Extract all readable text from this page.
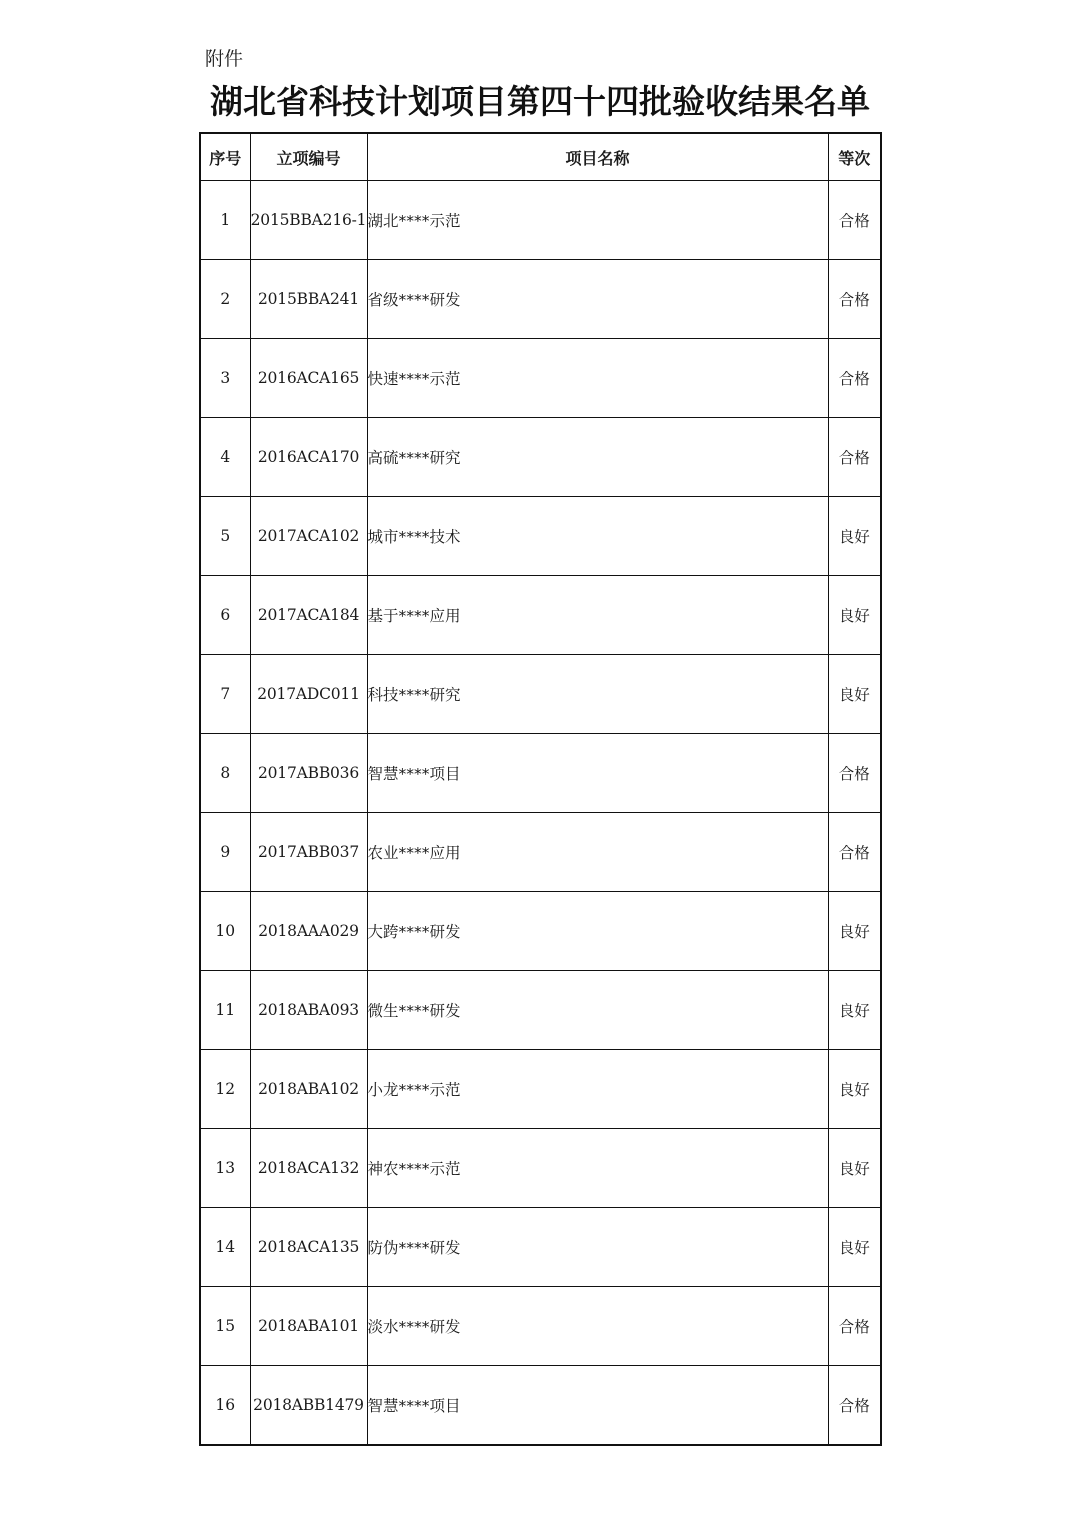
附件
湖北省科技计划项目第四十四批验收结果名单
序号	立项编号	项目名称	等次
1	2015BBA216-1	湖北****示范	合格
2	2015BBA241	省级****研发	合格
3	2016ACA165	快速****示范	合格
4	2016ACA170	高硫****研究	合格
5	2017ACA102	城市****技术	良好
6	2017ACA184	基于****应用	良好
7	2017ADC011	科技****研究	良好
8	2017ABB036	智慧****项目	合格
9	2017ABB037	农业****应用	合格
10	2018AAA029	大跨****研发	良好
11	2018ABA093	微生****研发	良好
12	2018ABA102	小龙****示范	良好
13	2018ACA132	神农****示范	良好
14	2018ACA135	防伪****研发	良好
15	2018ABA101	淡水****研发	合格
16	2018ABB1479	智慧****项目	合格
